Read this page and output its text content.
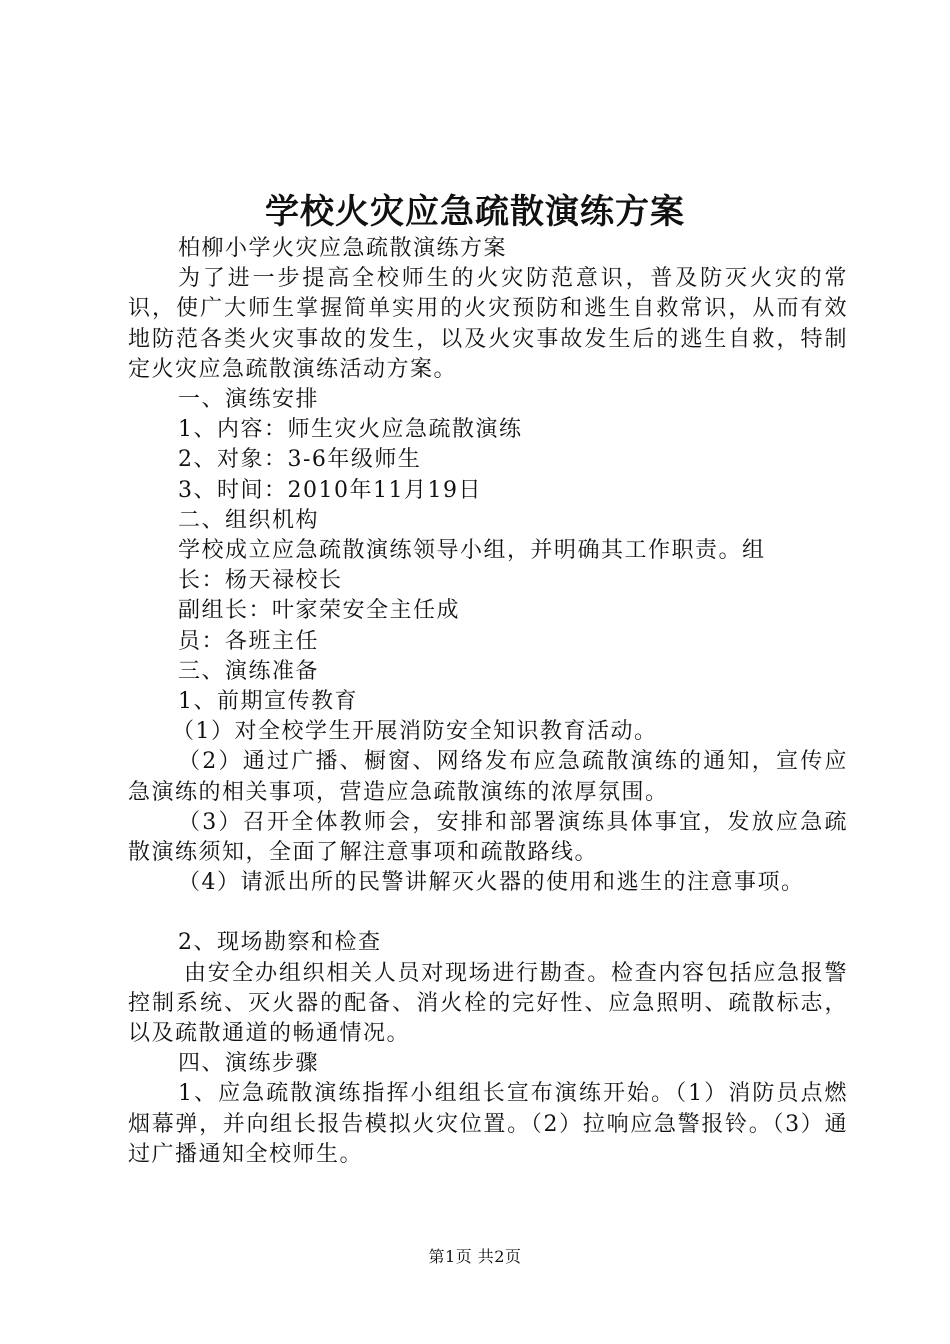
学校火灾应急疏散演练方案

柏柳小学火灾应急疏散演练方案

为了进一步提高全校师生的火灾防范意识，普及防灭火灾的常识，使广大师生掌握简单实用的火灾预防和逃生自救常识，从而有效地防范各类火灾事故的发生，以及火灾事故发生后的逃生自救，特制定火灾应急疏散演练活动方案。

一、演练安排

1、内容：师生灾火应急疏散演练

2、对象：3-6年级师生

3、时间：2010年11月19日

二、组织机构

学校成立应急疏散演练领导小组，并明确其工作职责。组

长：杨天禄校长

副组长：叶家荣安全主任成

员：各班主任

三、演练准备

1、前期宣传教育

（1）对全校学生开展消防安全知识教育活动。

（2）通过广播、橱窗、网络发布应急疏散演练的通知，宣传应急演练的相关事项，营造应急疏散演练的浓厚氛围。

（3）召开全体教师会，安排和部署演练具体事宜，发放应急疏散演练须知，全面了解注意事项和疏散路线。

（4）请派出所的民警讲解灭火器的使用和逃生的注意事项。

2、现场勘察和检查

由安全办组织相关人员对现场进行勘查。检查内容包括应急报警控制系统、灭火器的配备、消火栓的完好性、应急照明、疏散标志，以及疏散通道的畅通情况。

四、演练步骤

1、应急疏散演练指挥小组组长宣布演练开始。（1）消防员点燃烟幕弹，并向组长报告模拟火灾位置。（2）拉响应急警报铃。（3）通过广播通知全校师生。

第1页 共2页
